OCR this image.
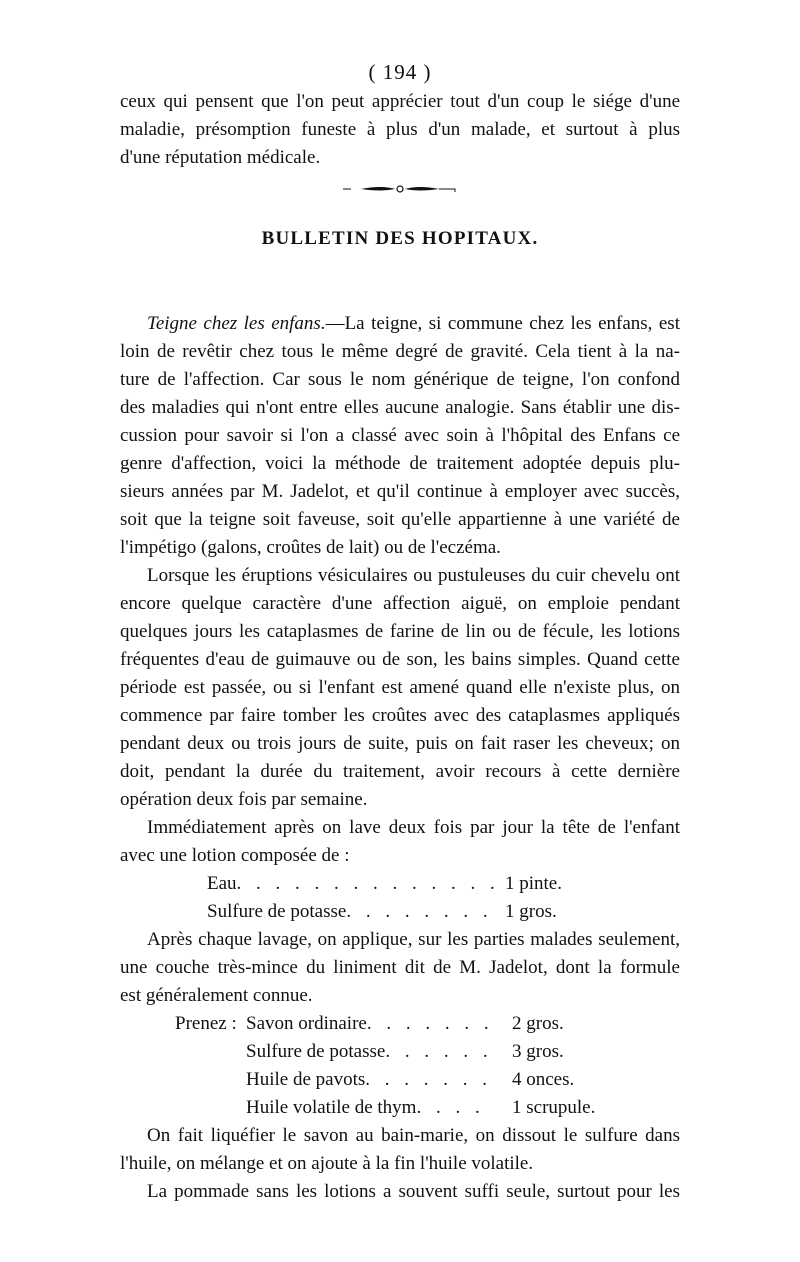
( 194 )
ceux qui pensent que l'on peut apprécier tout d'un coup le siége d'une
maladie, présomption funeste à plus d'un malade, et surtout à plus
d'une réputation médicale.
BULLETIN DES HOPITAUX.
Teigne chez les enfans.—La teigne, si commune chez les enfans, est
loin de revêtir chez tous le même degré de gravité. Cela tient à la na-
ture de l'affection. Car sous le nom générique de teigne, l'on confond
des maladies qui n'ont entre elles aucune analogie. Sans établir une dis-
cussion pour savoir si l'on a classé avec soin à l'hôpital des Enfans ce
genre d'affection, voici la méthode de traitement adoptée depuis plu-
sieurs années par M. Jadelot, et qu'il continue à employer avec succès,
soit que la teigne soit faveuse, soit qu'elle appartienne à une variété de
l'impétigo (galons, croûtes de lait) ou de l'eczéma.
Lorsque les éruptions vésiculaires ou pustuleuses du cuir chevelu ont
encore quelque caractère d'une affection aiguë, on emploie pendant
quelques jours les cataplasmes de farine de lin ou de fécule, les lotions
fréquentes d'eau de guimauve ou de son, les bains simples. Quand cette
période est passée, ou si l'enfant est amené quand elle n'existe plus, on
commence par faire tomber les croûtes avec des cataplasmes appliqués
pendant deux ou trois jours de suite, puis on fait raser les cheveux; on
doit, pendant la durée du traitement, avoir recours à cette dernière
opération deux fois par semaine.
Immédiatement après on lave deux fois par jour la tête de l'enfant
avec une lotion composée de :
Eau. . . . . . . . . . . . . . 1 pinte.
Sulfure de potasse. . . . . . . . 1 gros.
Après chaque lavage, on applique, sur les parties malades seulement,
une couche très-mince du liniment dit de M. Jadelot, dont la formule
est généralement connue.
Prenez : Savon ordinaire. . . . . . . 2 gros.
Sulfure de potasse. . . . . . 3 gros.
Huile de pavots. . . . . . . 4 onces.
Huile volatile de thym. . . . 1 scrupule.
On fait liquéfier le savon au bain-marie, on dissout le sulfure dans
l'huile, on mélange et on ajoute à la fin l'huile volatile.
La pommade sans les lotions a souvent suffi seule, surtout pour les
